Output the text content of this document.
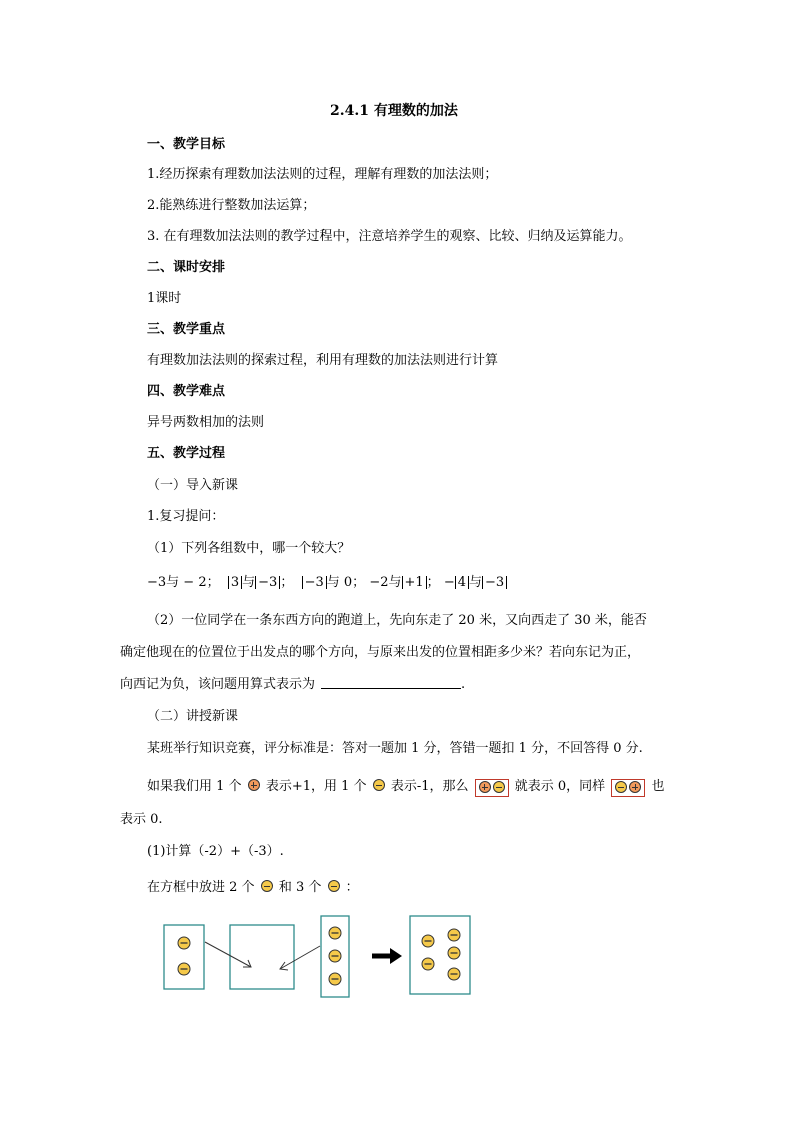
2.4.1 有理数的加法
一、教学目标
1.经历探索有理数加法法则的过程，理解有理数的加法法则；
2.能熟练进行整数加法运算；
3. 在有理数加法法则的教学过程中，注意培养学生的观察、比较、归纳及运算能力。
二、课时安排
1课时
三、教学重点
有理数加法法则的探索过程，利用有理数的加法法则进行计算
四、教学难点
异号两数相加的法则
五、教学过程
（一）导入新课
1.复习提问：
（1）下列各组数中，哪一个较大？
−3与 − 2； 3 与 −3 ； −3 与 0； −2与 +1 ； − 4 与 −3
（2）一位同学在一条东西方向的跑道上，先向东走了 20 米，又向西走了 30 米，能否
确定他现在的位置位于出发点的哪个方向，与原来出发的位置相距多少米？若向东记为正，
向西记为负，该问题用算式表示为	.
（二）讲授新课
某班举行知识竞赛，评分标准是：答对一题加 1 分，答错一题扣 1 分，不回答得 0 分.
如果我们用 1 个 表示+1，用 1 个 表示-1，那么	就表示 0，同样	也
表示 0.
(1)计算（-2）+（-3）.
在方框中放进 2 个 和 3 个 ：
